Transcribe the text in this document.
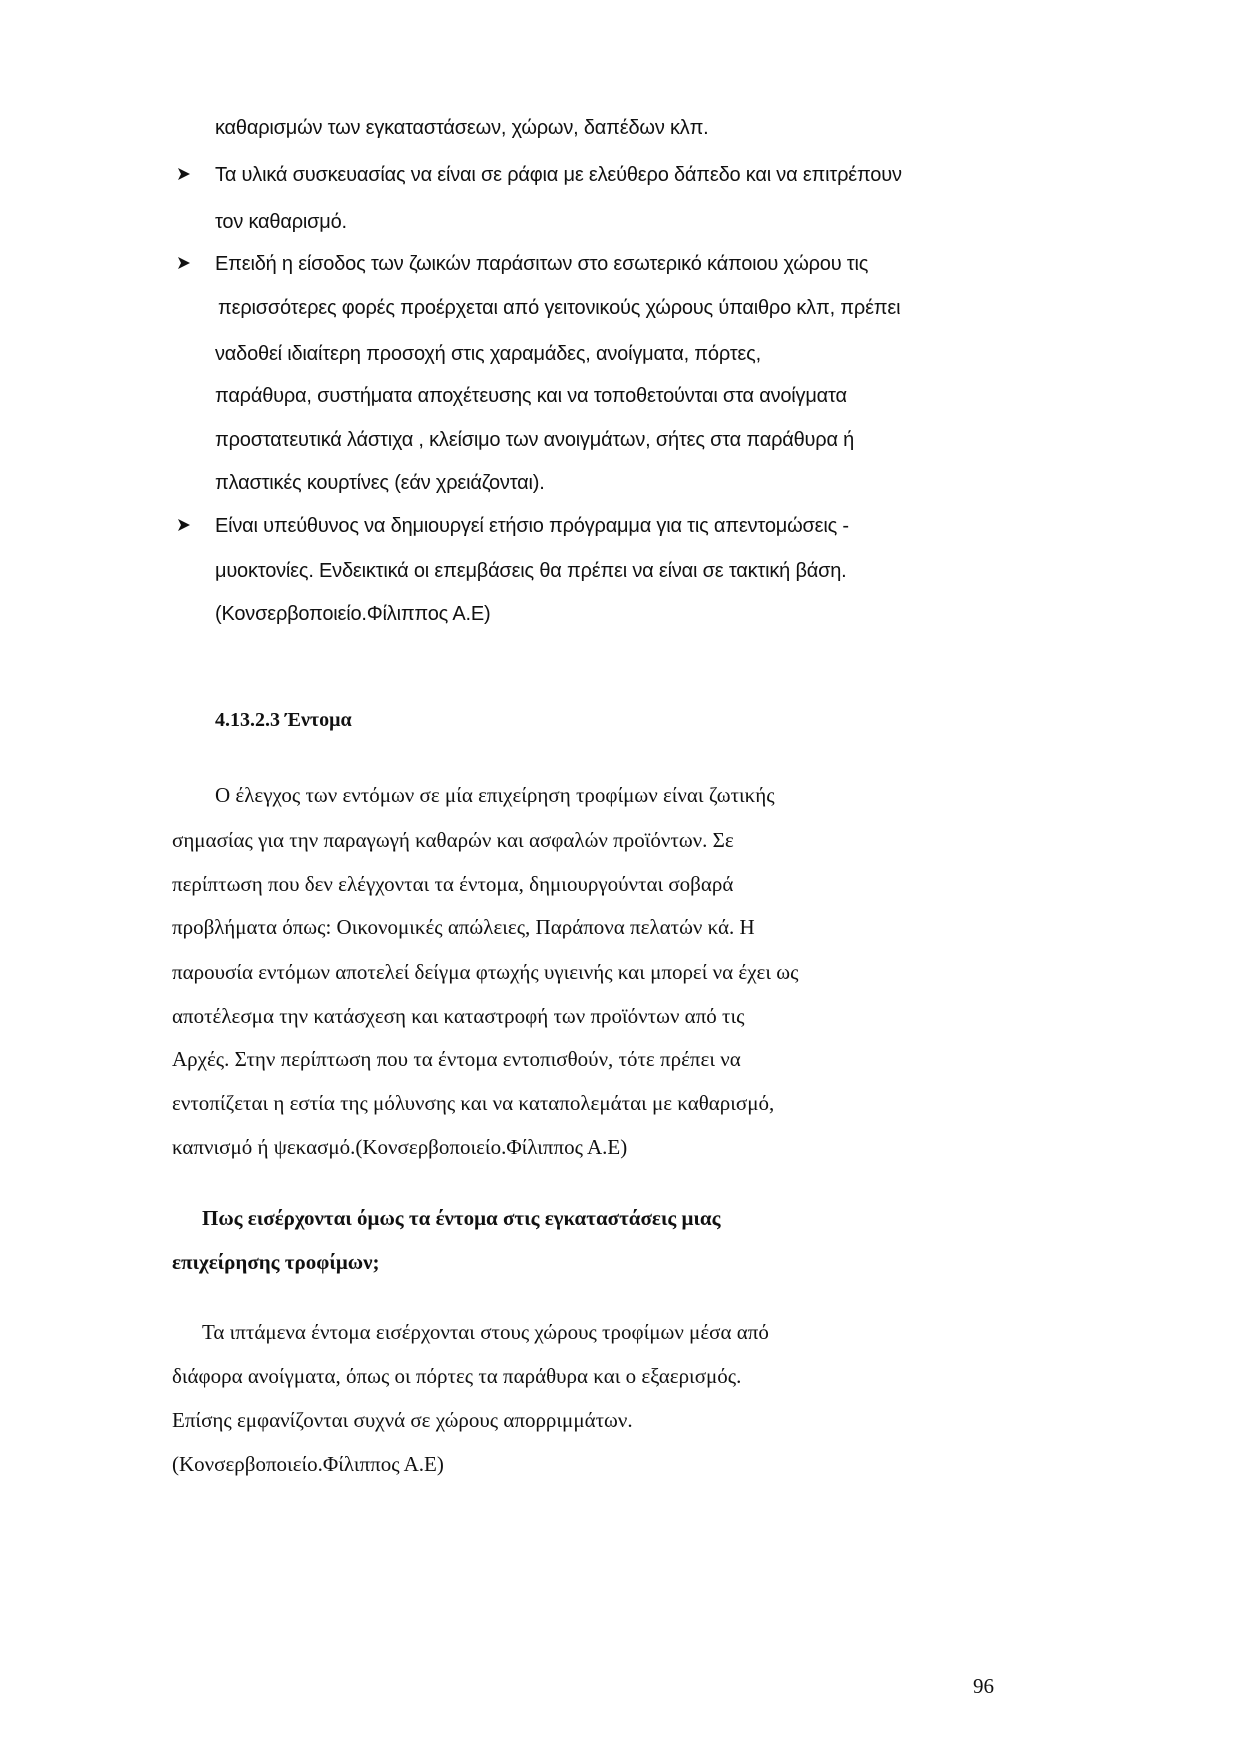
καθαρισμών των εγκαταστάσεων, χώρων, δαπέδων κλπ.
Τα υλικά συσκευασίας να είναι σε ράφια με ελεύθερο δάπεδο και να επιτρέπουν
τον καθαρισμό.
Επειδή η είσοδος των ζωικών παράσιτων στο εσωτερικό κάποιου χώρου τις
περισσότερες φορές προέρχεται από γειτονικούς χώρους ύπαιθρο κλπ, πρέπει
ναδοθεί ιδιαίτερη προσοχή στις χαραμάδες, ανοίγματα, πόρτες,
παράθυρα, συστήματα αποχέτευσης και να τοποθετούνται στα ανοίγματα
προστατευτικά λάστιχα , κλείσιμο των ανοιγμάτων, σήτες στα παράθυρα ή
πλαστικές κουρτίνες (εάν χρειάζονται).
Είναι υπεύθυνος να δημιουργεί ετήσιο πρόγραμμα για τις απεντομώσεις -
μυοκτονίες. Ενδεικτικά οι επεμβάσεις θα πρέπει να είναι σε τακτική βάση.
(Κονσερβοποιείο.Φίλιππος Α.Ε)
4.13.2.3 Έντομα
Ο έλεγχος των εντόμων σε μία επιχείρηση τροφίμων είναι ζωτικής
σημασίας για την παραγωγή καθαρών και ασφαλών προϊόντων. Σε
περίπτωση που δεν ελέγχονται τα έντομα, δημιουργούνται σοβαρά
προβλήματα όπως: Οικονομικές απώλειες, Παράπονα πελατών κά. Η
παρουσία εντόμων αποτελεί δείγμα φτωχής υγιεινής και μπορεί να έχει ως
αποτέλεσμα την κατάσχεση και καταστροφή των προϊόντων από τις
Αρχές. Στην περίπτωση που τα έντομα εντοπισθούν, τότε πρέπει να
εντοπίζεται η εστία της μόλυνσης και να καταπολεμάται με καθαρισμό,
καπνισμό ή ψεκασμό.(Κονσερβοποιείο.Φίλιππος Α.Ε)
Πως εισέρχονται όμως τα έντομα στις εγκαταστάσεις μιας
επιχείρησης τροφίμων;
Τα ιπτάμενα έντομα εισέρχονται στους χώρους τροφίμων μέσα από
διάφορα ανοίγματα, όπως οι πόρτες τα παράθυρα και ο εξαερισμός.
Επίσης εμφανίζονται συχνά σε χώρους απορριμμάτων.
(Κονσερβοποιείο.Φίλιππος Α.Ε)
96
